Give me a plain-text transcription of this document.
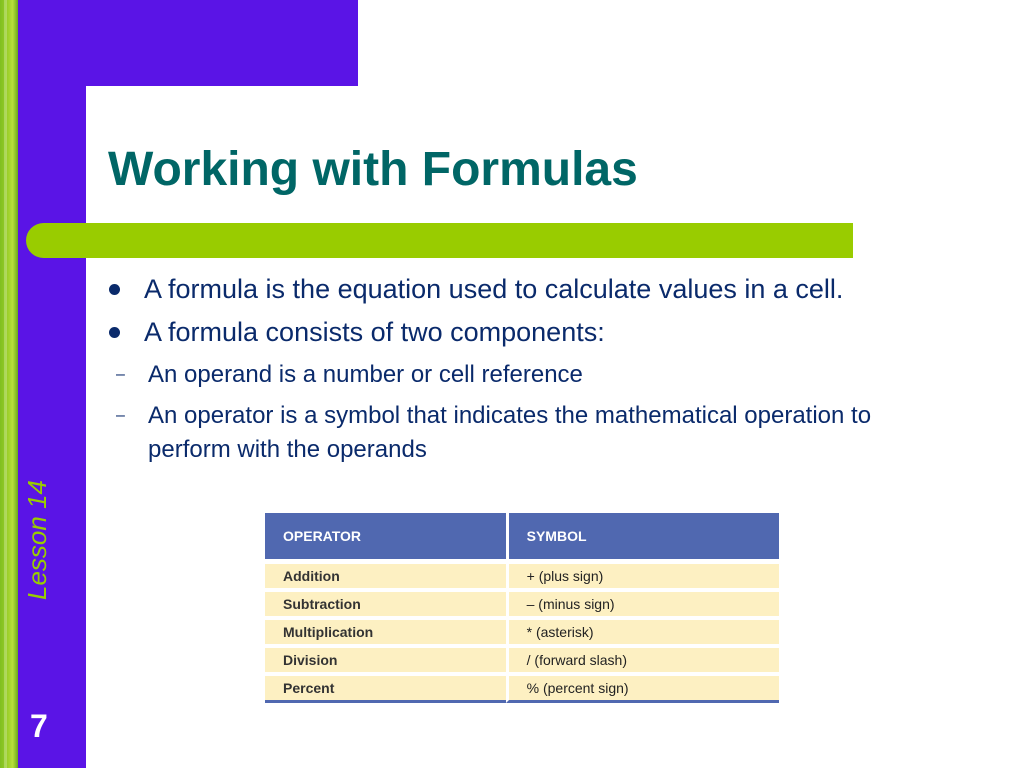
Working with Formulas
A formula is the equation used to calculate values in a cell.
A formula consists of two components:
– An operand is a number or cell reference
– An operator is a symbol that indicates the mathematical operation to perform with the operands
OPERATOR	SYMBOL
Addition	+ (plus sign)
Subtraction	– (minus sign)
Multiplication	* (asterisk)
Division	/ (forward slash)
Percent	% (percent sign)
Lesson 14
7
